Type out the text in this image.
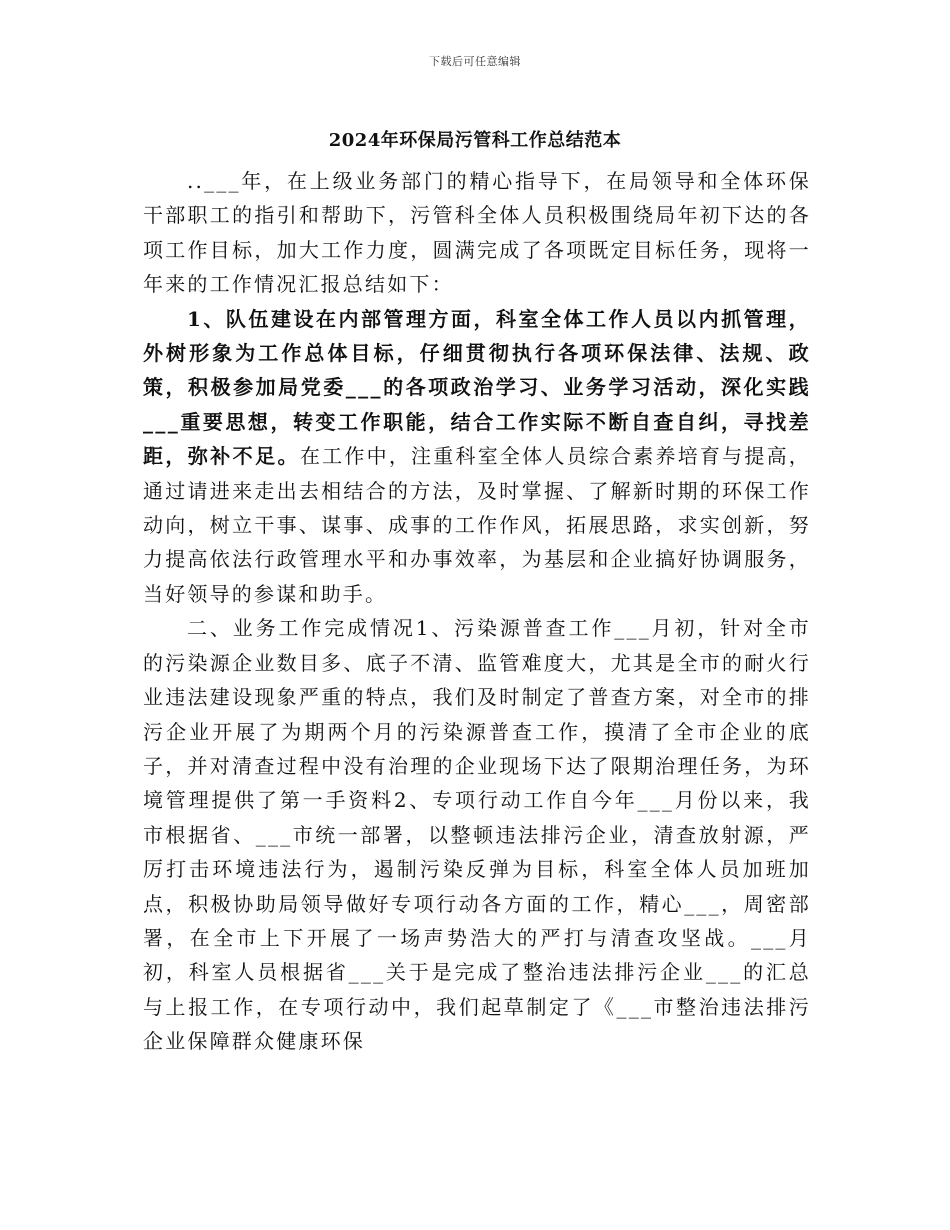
下载后可任意编辑
2024年环保局污管科工作总结范本

..___年，在上级业务部门的精心指导下，在局领导和全体环保干部职工的指引和帮助下，污管科全体人员积极围绕局年初下达的各项工作目标，加大工作力度，圆满完成了各项既定目标任务，现将一年来的工作情况汇报总结如下：

1、队伍建设在内部管理方面，科室全体工作人员以内抓管理，外树形象为工作总体目标，仔细贯彻执行各项环保法律、法规、政策，积极参加局党委___的各项政治学习、业务学习活动，深化实践___重要思想，转变工作职能，结合工作实际不断自查自纠，寻找差距，弥补不足。在工作中，注重科室全体人员综合素养培育与提高，通过请进来走出去相结合的方法，及时掌握、了解新时期的环保工作动向，树立干事、谋事、成事的工作作风，拓展思路，求实创新，努力提高依法行政管理水平和办事效率，为基层和企业搞好协调服务，当好领导的参谋和助手。

二、业务工作完成情况1、污染源普查工作___月初，针对全市的污染源企业数目多、底子不清、监管难度大，尤其是全市的耐火行业违法建设现象严重的特点，我们及时制定了普查方案，对全市的排污企业开展了为期两个月的污染源普查工作，摸清了全市企业的底子，并对清查过程中没有治理的企业现场下达了限期治理任务，为环境管理提供了第一手资料2、专项行动工作自今年___月份以来，我市根据省、___市统一部署，以整顿违法排污企业，清查放射源，严厉打击环境违法行为，遏制污染反弹为目标，科室全体人员加班加点，积极协助局领导做好专项行动各方面的工作，精心___，周密部署，在全市上下开展了一场声势浩大的严打与清查攻坚战。___月初，科室人员根据省___关于是完成了整治违法排污企业___的汇总与上报工作，在专项行动中，我们起草制定了《___市整治违法排污企业保障群众健康环保
